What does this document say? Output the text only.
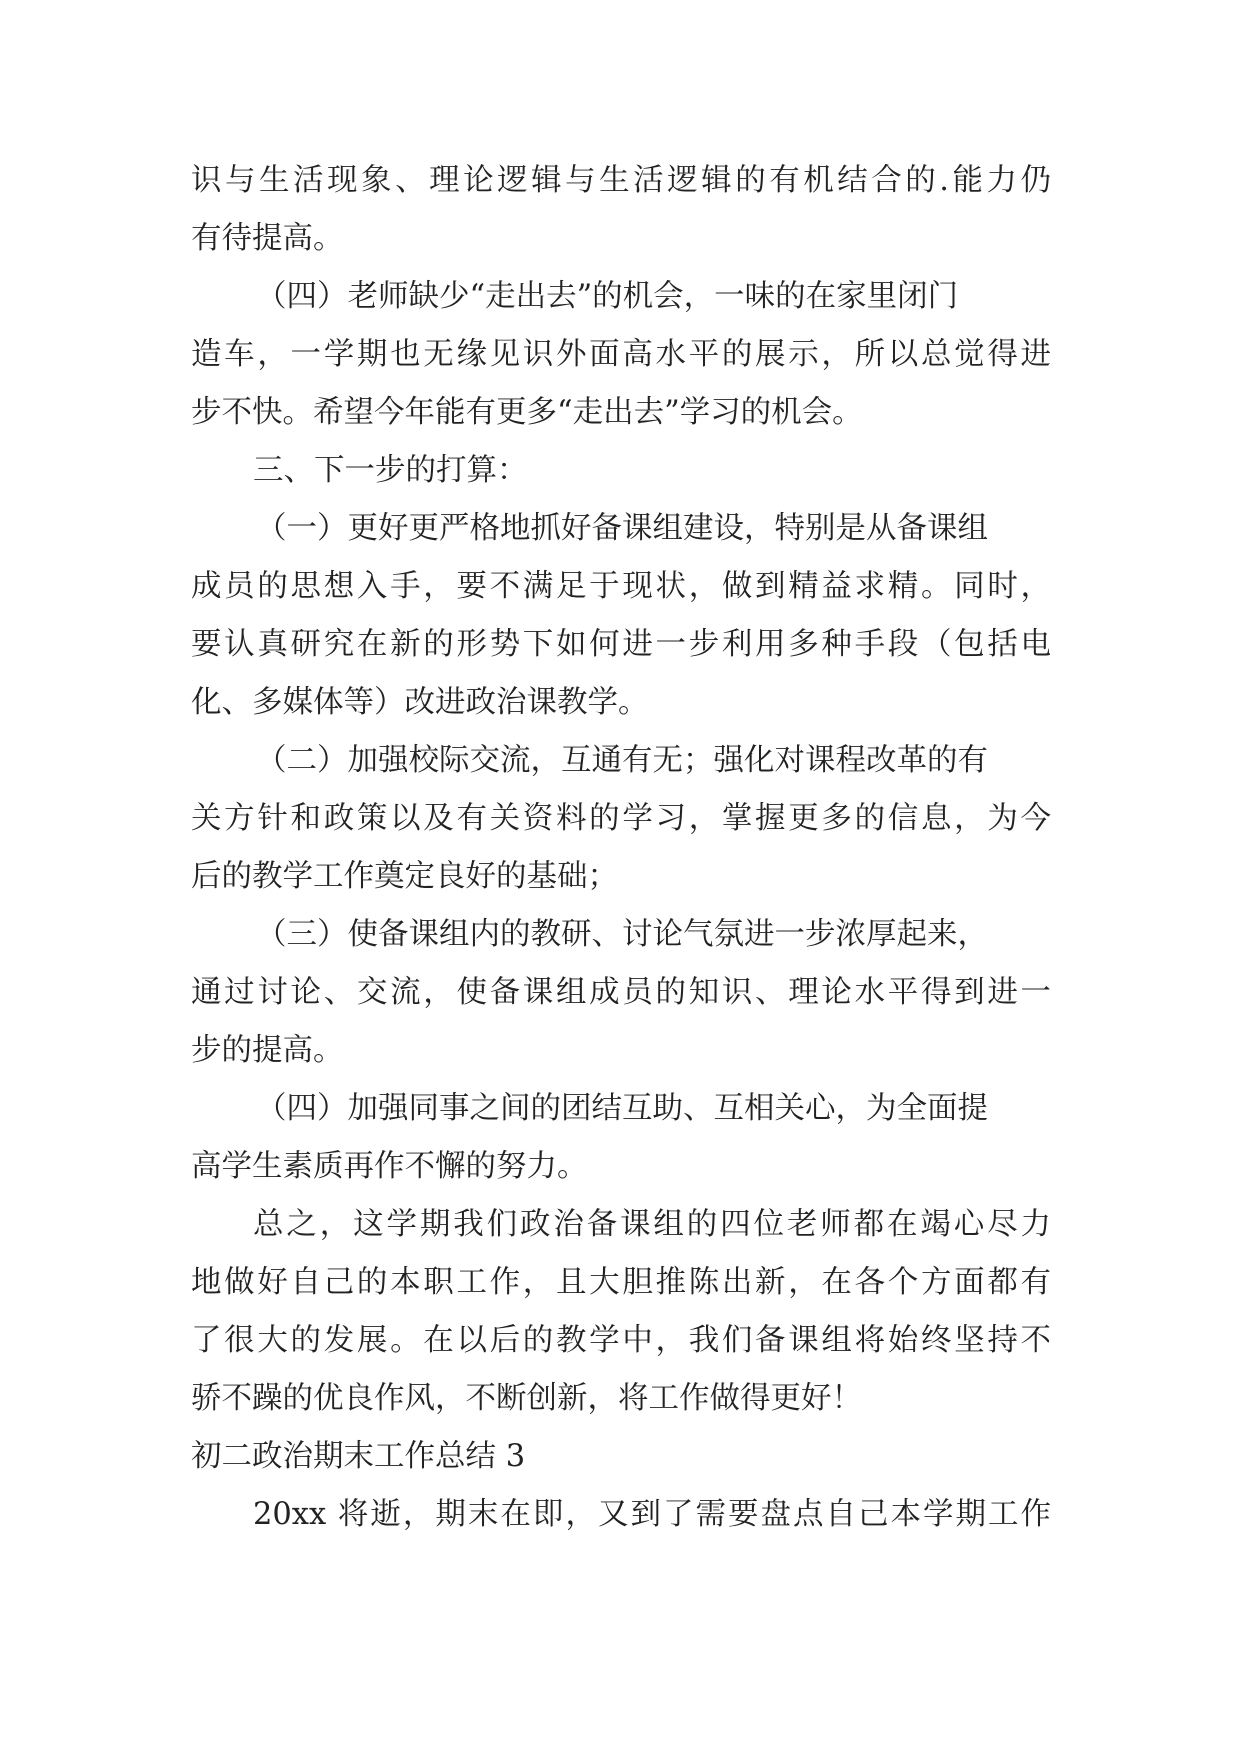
识与生活现象、理论逻辑与生活逻辑的有机结合的.能力仍
有待提高。
（四）老师缺少“走出去”的机会，一味的在家里闭门
造车，一学期也无缘见识外面高水平的展示，所以总觉得进
步不快。希望今年能有更多“走出去”学习的机会。
三、下一步的打算：
（一）更好更严格地抓好备课组建设，特别是从备课组
成员的思想入手，要不满足于现状，做到精益求精。同时，
要认真研究在新的形势下如何进一步利用多种手段（包括电
化、多媒体等）改进政治课教学。
（二）加强校际交流，互通有无；强化对课程改革的有
关方针和政策以及有关资料的学习，掌握更多的信息，为今
后的教学工作奠定良好的基础；
（三）使备课组内的教研、讨论气氛进一步浓厚起来，
通过讨论、交流，使备课组成员的知识、理论水平得到进一
步的提高。
（四）加强同事之间的团结互助、互相关心，为全面提
高学生素质再作不懈的努力。
总之，这学期我们政治备课组的四位老师都在竭心尽力
地做好自己的本职工作，且大胆推陈出新，在各个方面都有
了很大的发展。在以后的教学中，我们备课组将始终坚持不
骄不躁的优良作风，不断创新，将工作做得更好！
初二政治期末工作总结 3
20xx 将逝，期末在即，又到了需要盘点自己本学期工作
